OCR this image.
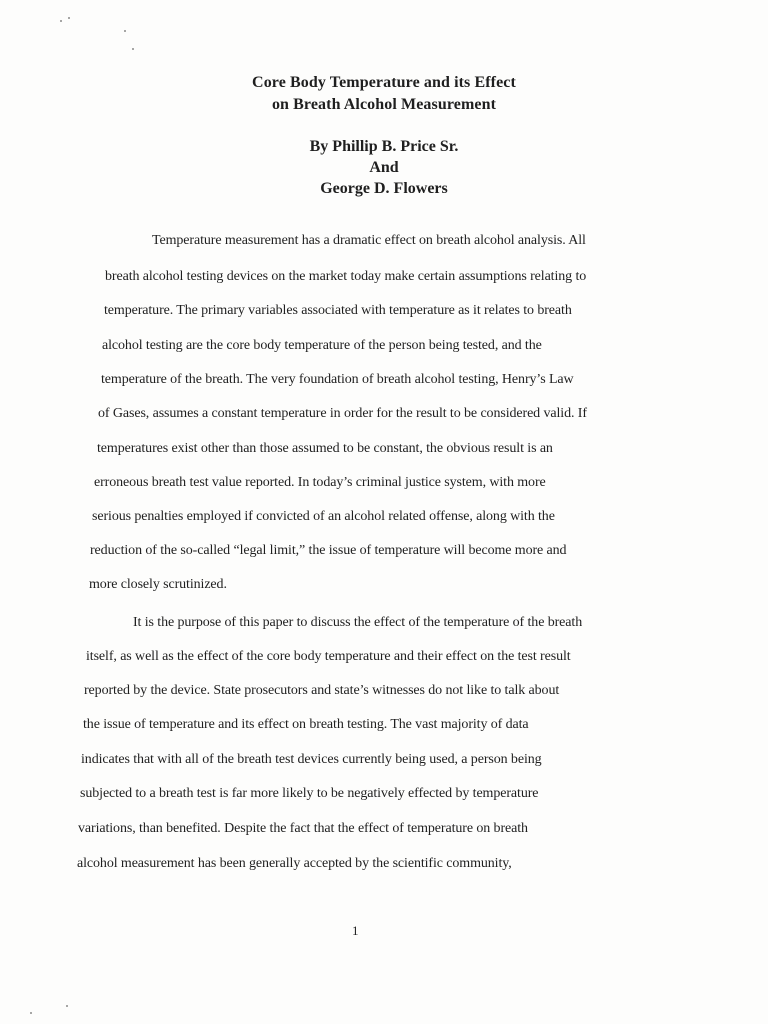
Core Body Temperature and its Effect
on Breath Alcohol Measurement
By Phillip B. Price Sr.
And
George D. Flowers
Temperature measurement has a dramatic effect on breath alcohol analysis. All
breath alcohol testing devices on the market today make certain assumptions relating to
temperature. The primary variables associated with temperature as it relates to breath
alcohol testing are the core body temperature of the person being tested, and the
temperature of the breath. The very foundation of breath alcohol testing, Henry’s Law
of Gases, assumes a constant temperature in order for the result to be considered valid. If
temperatures exist other than those assumed to be constant, the obvious result is an
erroneous breath test value reported. In today’s criminal justice system, with more
serious penalties employed if convicted of an alcohol related offense, along with the
reduction of the so-called “legal limit,” the issue of temperature will become more and
more closely scrutinized.
It is the purpose of this paper to discuss the effect of the temperature of the breath
itself, as well as the effect of the core body temperature and their effect on the test result
reported by the device. State prosecutors and state’s witnesses do not like to talk about
the issue of temperature and its effect on breath testing. The vast majority of data
indicates that with all of the breath test devices currently being used, a person being
subjected to a breath test is far more likely to be negatively effected by temperature
variations, than benefited. Despite the fact that the effect of temperature on breath
alcohol measurement has been generally accepted by the scientific community,
1
